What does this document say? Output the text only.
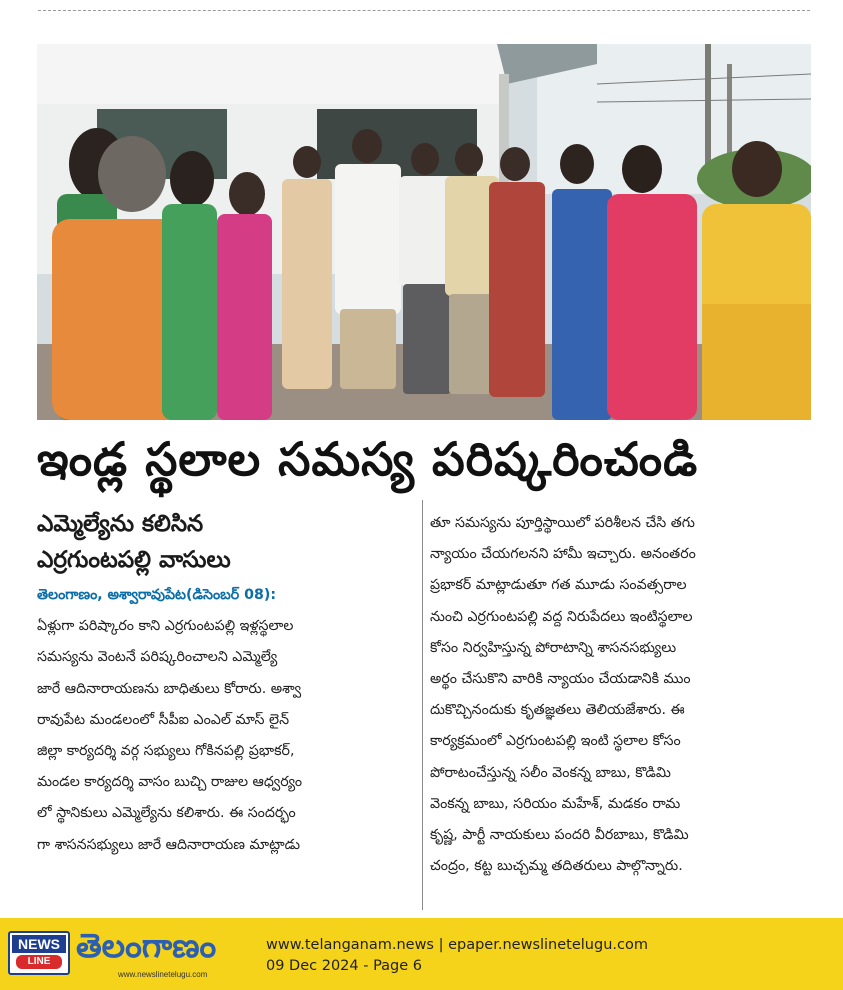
ఇండ్ల స్థలాల సమస్య పరిష్కరించండి
ఎమ్మెల్యేను కలిసిన
ఎర్రగుంటపల్లి వాసులు
తెలంగాణం, అశ్వారావుపేట(డిసెంబర్ 08):
ఏళ్లుగా పరిష్కారం కాని ఎర్రగుంటపల్లి ఇళ్లస్థలాల
సమస్యను వెంటనే పరిష్కరించాలని ఎమ్మెల్యే
జారే ఆదినారాయణను బాధితులు కోరారు. అశ్వా
రావుపేట మండలంలో సీపీఐ ఎంఎల్ మాస్ లైన్
జిల్లా కార్యదర్శి వర్గ సభ్యులు గోకినపల్లి ప్రభాకర్,
మండల కార్యదర్శి వాసం బుచ్చి రాజుల ఆధ్వర్యం
లో స్థానికులు ఎమ్మెల్యేను కలిశారు. ఈ సందర్భం
గా శాసనసభ్యులు జారే ఆదినారాయణ మాట్లాడు
తూ సమస్యను పూర్తిస్థాయిలో పరిశీలన చేసి తగు
న్యాయం చేయగలనని హామీ ఇచ్చారు. అనంతరం
ప్రభాకర్ మాట్లాడుతూ గత మూడు సంవత్సరాల
నుంచి ఎర్రగుంటపల్లి వద్ద నిరుపేదలు ఇంటిస్థలాల
కోసం నిర్వహిస్తున్న పోరాటాన్ని శాసనసభ్యులు
అర్థం చేసుకొని వారికి న్యాయం చేయడానికి ముం
దుకొచ్చినందుకు కృతజ్ఞతలు తెలియజేశారు. ఈ
కార్యక్రమంలో ఎర్రగుంటపల్లి ఇంటి స్థలాల కోసం
పోరాటంచేస్తున్న సలీం వెంకన్న బాబు, కొడిమి
వెంకన్న బాబు, సరియం మహేశ్, మడకం రామ
కృష్ణ, పార్టీ నాయకులు పందరి వీరబాబు, కొడిమి
చంద్రం, కట్ట బుచ్చమ్మ తదితరులు పాల్గొన్నారు.
NEWS
LINE తెలంగాణం
www.newslinetelugu.com
www.telanganam.news | epaper.newslinetelugu.com
09 Dec 2024 - Page 6
